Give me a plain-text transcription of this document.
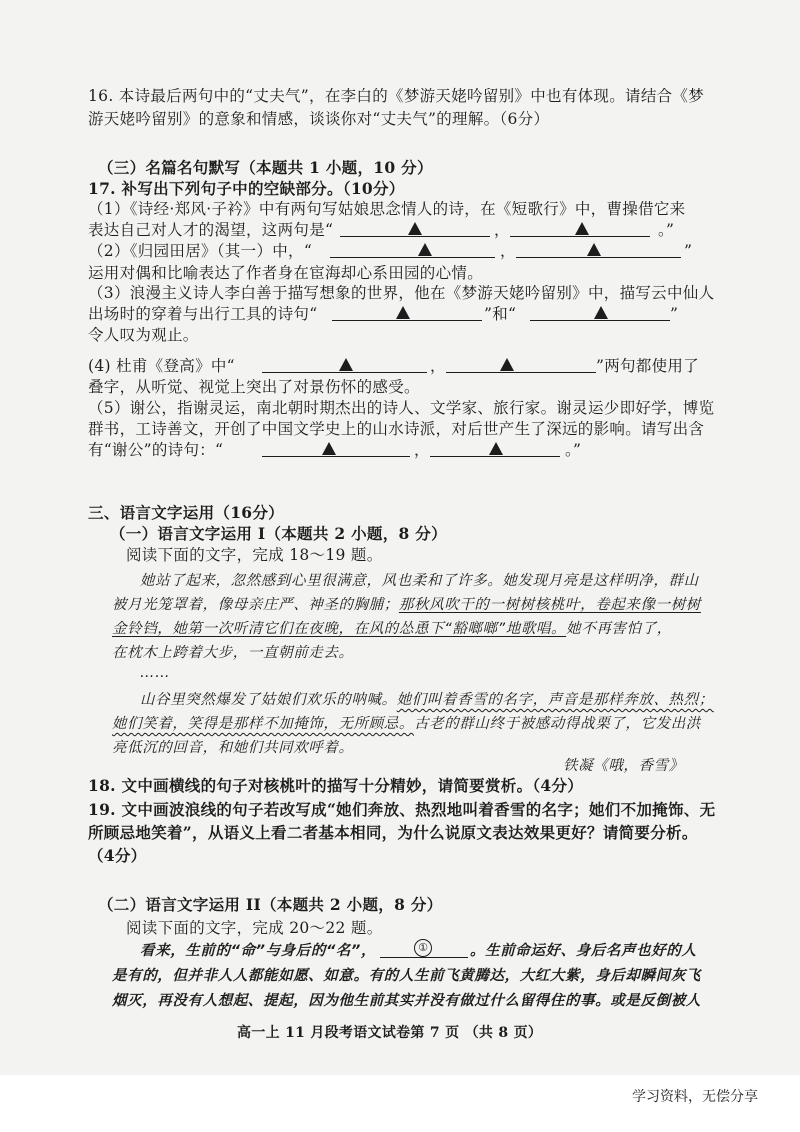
16. 本诗最后两句中的“丈夫气”，在李白的《梦游天姥吟留别》中也有体现。请结合《梦
游天姥吟留别》的意象和情感，谈谈你对“丈夫气”的理解。（6分）
（三）名篇名句默写（本题共 1 小题，10 分）
17. 补写出下列句子中的空缺部分。（10分）
（1）《诗经·郑风·子衿》中有两句写姑娘思念情人的诗，在《短歌行》中，曹操借它来
表达自己对人才的渴望，这两句是“	，	。”
（2）《归园田居》（其一）中，“	，	”
运用对偶和比喻表达了作者身在宦海却心系田园的心情。
（3）浪漫主义诗人李白善于描写想象的世界，他在《梦游天姥吟留别》中，描写云中仙人
出场时的穿着与出行工具的诗句“	”和“	”
令人叹为观止。
(4) 杜甫《登高》中“	，	”两句都使用了
叠字，从听觉、视觉上突出了对景伤怀的感受。
（5）谢公，指谢灵运，南北朝时期杰出的诗人、文学家、旅行家。谢灵运少即好学，博览
群书，工诗善文，开创了中国文学史上的山水诗派，对后世产生了深远的影响。请写出含
有“谢公”的诗句：“	，	。”
三、语言文字运用（16分）
（一）语言文字运用 I（本题共 2 小题，8 分）
阅读下面的文字，完成 18～19 题。
她站了起来，忽然感到心里很满意，风也柔和了许多。她发现月亮是这样明净，群山
被月光笼罩着，像母亲庄严、神圣的胸脯；那秋风吹干的一树树核桃叶，卷起来像一树树
金铃铛，她第一次听清它们在夜晚，在风的怂恿下“豁啷啷”地歌唱。她不再害怕了，
在枕木上跨着大步，一直朝前走去。
……
山谷里突然爆发了姑娘们欢乐的呐喊。她们叫着香雪的名字，声音是那样奔放、热烈；
她们笑着，笑得是那样不加掩饰，无所顾忌。古老的群山终于被感动得战栗了，它发出洪
亮低沉的回音，和她们共同欢呼着。
铁凝《哦，香雪》
18. 文中画横线的句子对核桃叶的描写十分精妙，请简要赏析。（4分）
19. 文中画波浪线的句子若改写成“她们奔放、热烈地叫着香雪的名字；她们不加掩饰、无
所顾忌地笑着”，从语义上看二者基本相同，为什么说原文表达效果更好？请简要分析。
（4分）
（二）语言文字运用 II（本题共 2 小题，8 分）
阅读下面的文字，完成 20～22 题。
看来，生前的“命”与身后的“名”，	①	。生前命运好、身后名声也好的人
是有的，但并非人人都能如愿、如意。有的人生前飞黄腾达，大红大紫，身后却瞬间灰飞
烟灭，再没有人想起、提起，因为他生前其实并没有做过什么留得住的事。或是反倒被人
高一上 11 月段考语文试卷第 7 页 （共 8 页）
学习资料，无偿分享
